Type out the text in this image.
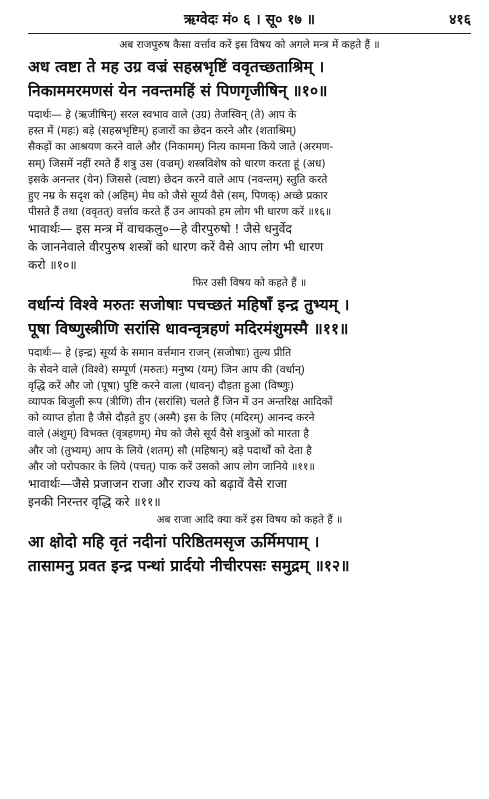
ऋग्वेदः मं० ६ । सू० १७ ॥	४१६
अब राजपुरुष कैसा वर्त्ताव करें इस विषय को अगले मन्त्र में कहते हैं ॥
अध त्वष्टा ते मह उग्र वज्रं सहस्रभृष्टिं ववृतच्छताश्रिम् ।
निकाममरमणसं येन नवन्तमहिं सं पिणगृजीषिन् ॥१०॥
पदार्थः— हे (ऋजीषिन्) सरल स्वभाव वाले (उग्र) तेजस्विन् (ते) आप के
हस्त में (महः) बड़े (सहस्रभृष्टिम्) हजारों का छेदन करने और (शताश्रिम्)
सैकड़ों का आश्रयण करने वाले और (निकामम्) नित्य कामना किये जाते (अरमण-
सम्) जिसमें नहीं रमते हैं शत्रु उस (वज्रम्) शस्त्रविशेष को धारण करता हूं (अध)
इसके अनन्तर (येन) जिससे (त्वष्टा) छेदन करने वाले आप (नवन्तम्) स्तुति करते
हुए नम्र के सदृश को (अहिम्) मेघ को जैसे सूर्य्य वैसे (सम्, पिणक्) अच्छे प्रकार
पीसते हैं तथा (ववृतत्) वर्त्ताव करते हैं उन आपको हम लोग भी धारण करें ॥१६॥
भावार्थः— इस मन्त्र में वाचकलु०—हे वीरपुरुषो ! जैसे धनुर्वेद
के जाननेवाले वीरपुरुष शस्त्रों को धारण करें वैसे आप लोग भी धारण
करो ॥१०॥
फिर उसी विषय को कहते हैं ॥
वर्धान्यं विश्वे मरुतः सजोषाः पचच्छतं महिषाँ इन्द्र तुभ्यम् ।
पूषा विष्णुस्त्रीणि सरांसि धावन्वृत्रहणं मदिरमंशुमस्मै ॥११॥
पदार्थः— हे (इन्द्र) सूर्य्य के समान वर्त्तमान राजन् (सजोषाः) तुल्य प्रीति
के सेवने वाले (विश्वे) सम्पूर्ण (मरुतः) मनुष्य (यम्) जिन आप की (वर्धान्)
वृद्धि करें और जो (पूषा) पुष्टि करने वाला (धावन्) दौड़ता हुआ (विष्णुः)
व्यापक बिजुली रूप (त्रीणि) तीन (सरांसि) चलते हैं जिन में उन अन्तरिक्ष आदिकों
को व्याप्त होता है जैसे दौड़ते हुए (अस्मै) इस के लिए (मदिरम्) आनन्द करने
वाले (अंशुम्) विभक्त (वृत्रहणम्) मेघ को जैसे सूर्य वैसे शत्रुओं को मारता है
और जो (तुभ्यम्) आप के लिये (शतम्) सौ (महिषान्) बड़े पदार्थों को देता है
और जो परोपकार के लिये (पचत्) पाक करें उसको आप लोग जानिये ॥११॥
भावार्थः—जैसे प्रजाजन राजा और राज्य को बढ़ावें वैसे राजा
इनकी निरन्तर वृद्धि करे ॥११॥
अब राजा आदि क्या करें इस विषय को कहते हैं ॥
आ क्षोदो महि वृतं नदीनां परिष्ठितमसृज ऊर्मिमपाम् ।
तासामनु प्रवत इन्द्र पन्थां प्रार्दयो नीचीरपसः समुद्रम् ॥१२॥
